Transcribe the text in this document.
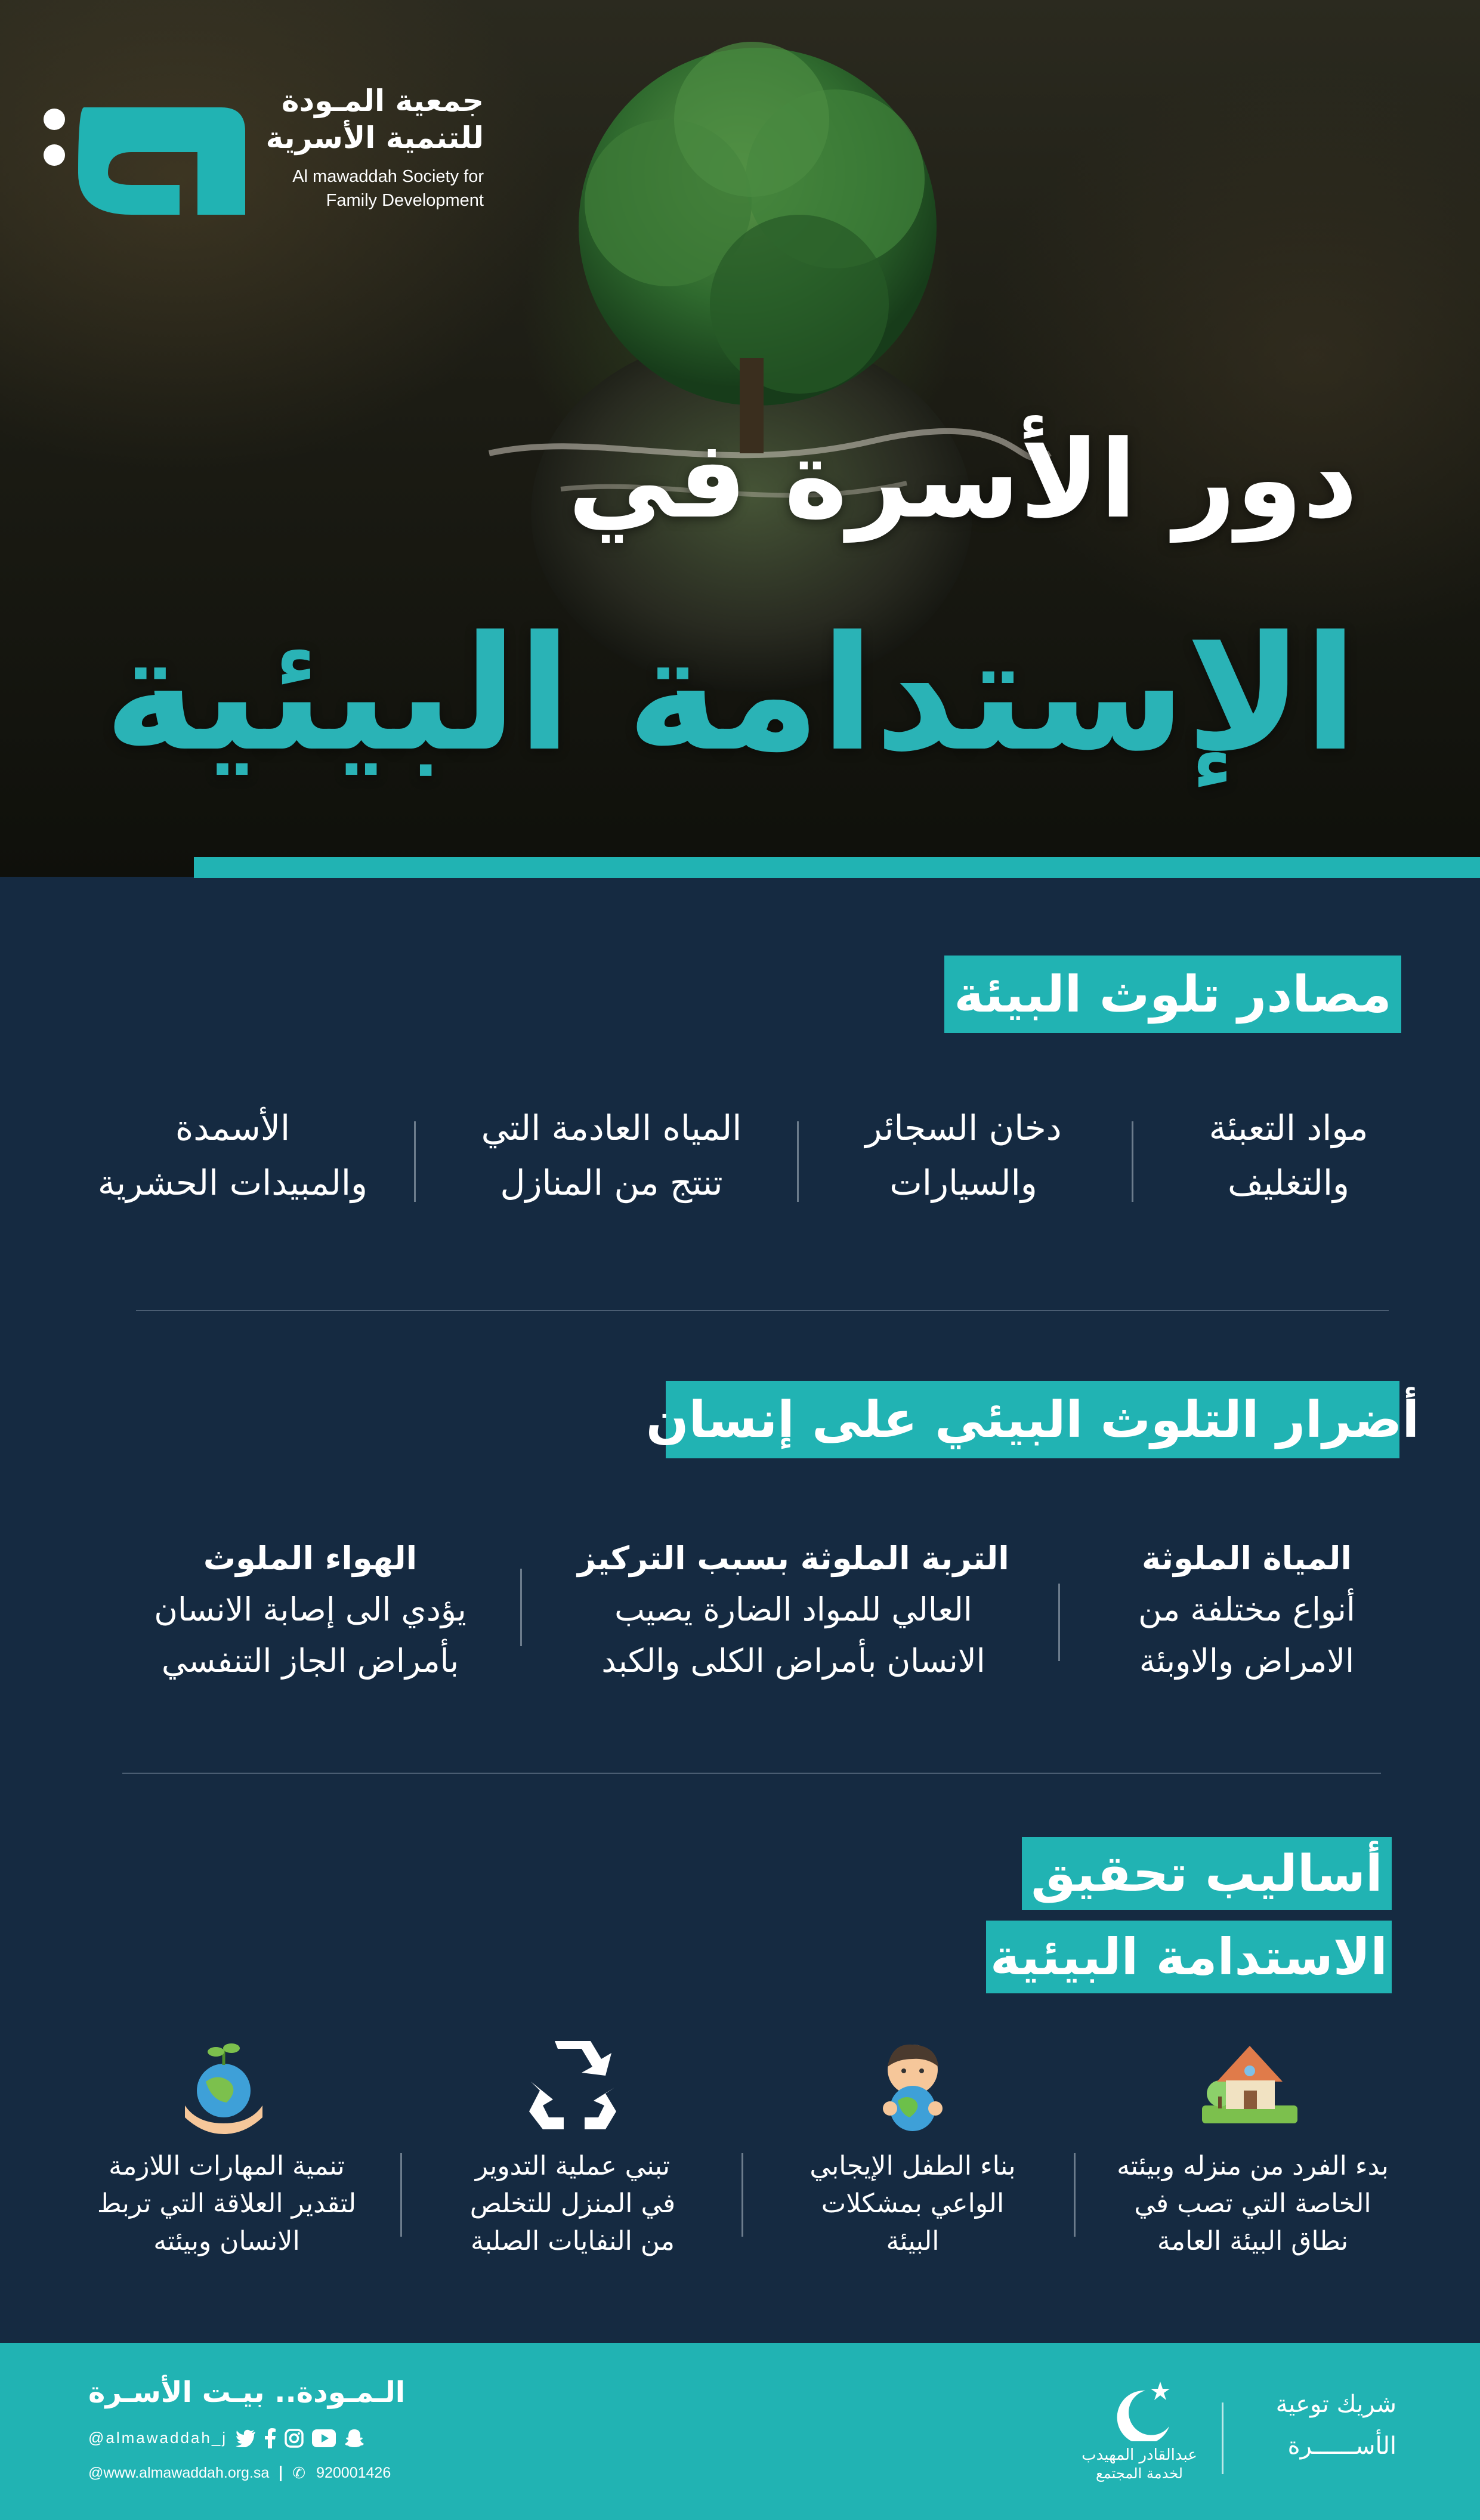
جمعية المـودة
للتنمية الأسرية
Al mawaddah Society for
Family Development
دور الأسرة في
الإستدامة البيئية
مصادر تلوث البيئة
مواد التعبئة
والتغليف
دخان السجائر
والسيارات
المياه العادمة التي
تنتج من المنازل
الأسمدة
والمبيدات الحشرية
أضرار التلوث البيئي على إنسان
المياة الملوثة
أنواع مختلفة من
الامراض والاوبئة
التربة الملوثة بسبب التركيز
العالي للمواد الضارة يصيب
الانسان بأمراض الكلى والكبد
الهواء الملوث
يؤدي الى إصابة الانسان
بأمراض الجاز التنفسي
أساليب تحقيق
الاستدامة البيئية
بدء الفرد من منزله وبيئته
الخاصة التي تصب في
نطاق البيئة العامة
بناء الطفل الإيجابي
الواعي بمشكلات
البيئة
تبني عملية التدوير
في المنزل للتخلص
من النفايات الصلبة
تنمية المهارات اللازمة
لتقدير العلاقة التي تربط
الانسان وبيئته
الـمـودة.. بيـت الأسـرة
@almawaddah_j
@www.almawaddah.org.sa ✆ 920001426
عبدالقادر المهيدب
لخدمة المجتمع
شريك توعية
الأســــــرة
